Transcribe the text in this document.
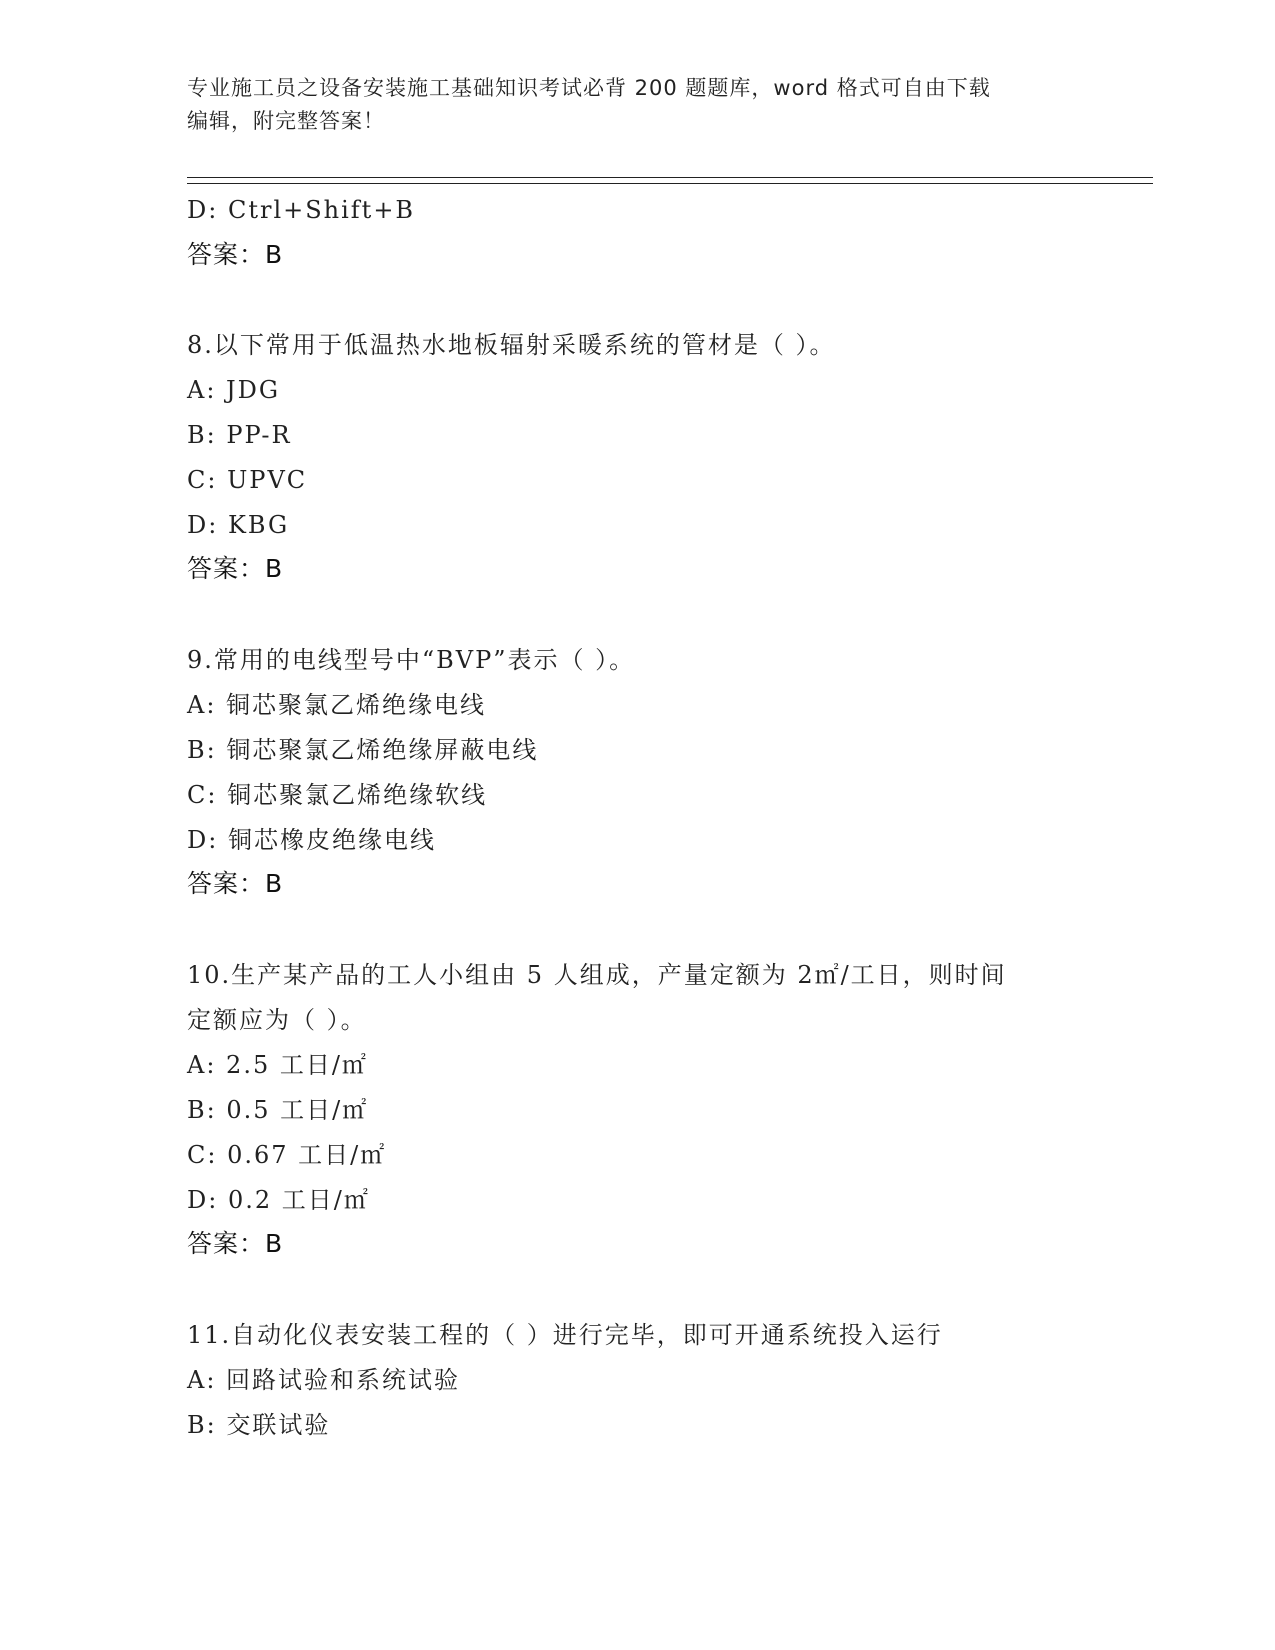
专业施工员之设备安装施工基础知识考试必背 200 题题库，word 格式可自由下载
编辑，附完整答案！
D: Ctrl+Shift+B
答案：B
8.以下常用于低温热水地板辐射采暖系统的管材是（ ）。
A: JDG
B: PP-R
C: UPVC
D: KBG
答案：B
9.常用的电线型号中“BVP”表示（ ）。
A: 铜芯聚氯乙烯绝缘电线
B: 铜芯聚氯乙烯绝缘屏蔽电线
C: 铜芯聚氯乙烯绝缘软线
D: 铜芯橡皮绝缘电线
答案：B
10.生产某产品的工人小组由 5 人组成，产量定额为 2㎡/工日，则时间
定额应为（ ）。
A: 2.5 工日/㎡
B: 0.5 工日/㎡
C: 0.67 工日/㎡
D: 0.2 工日/㎡
答案：B
11.自动化仪表安装工程的（ ）进行完毕，即可开通系统投入运行
A: 回路试验和系统试验
B: 交联试验
